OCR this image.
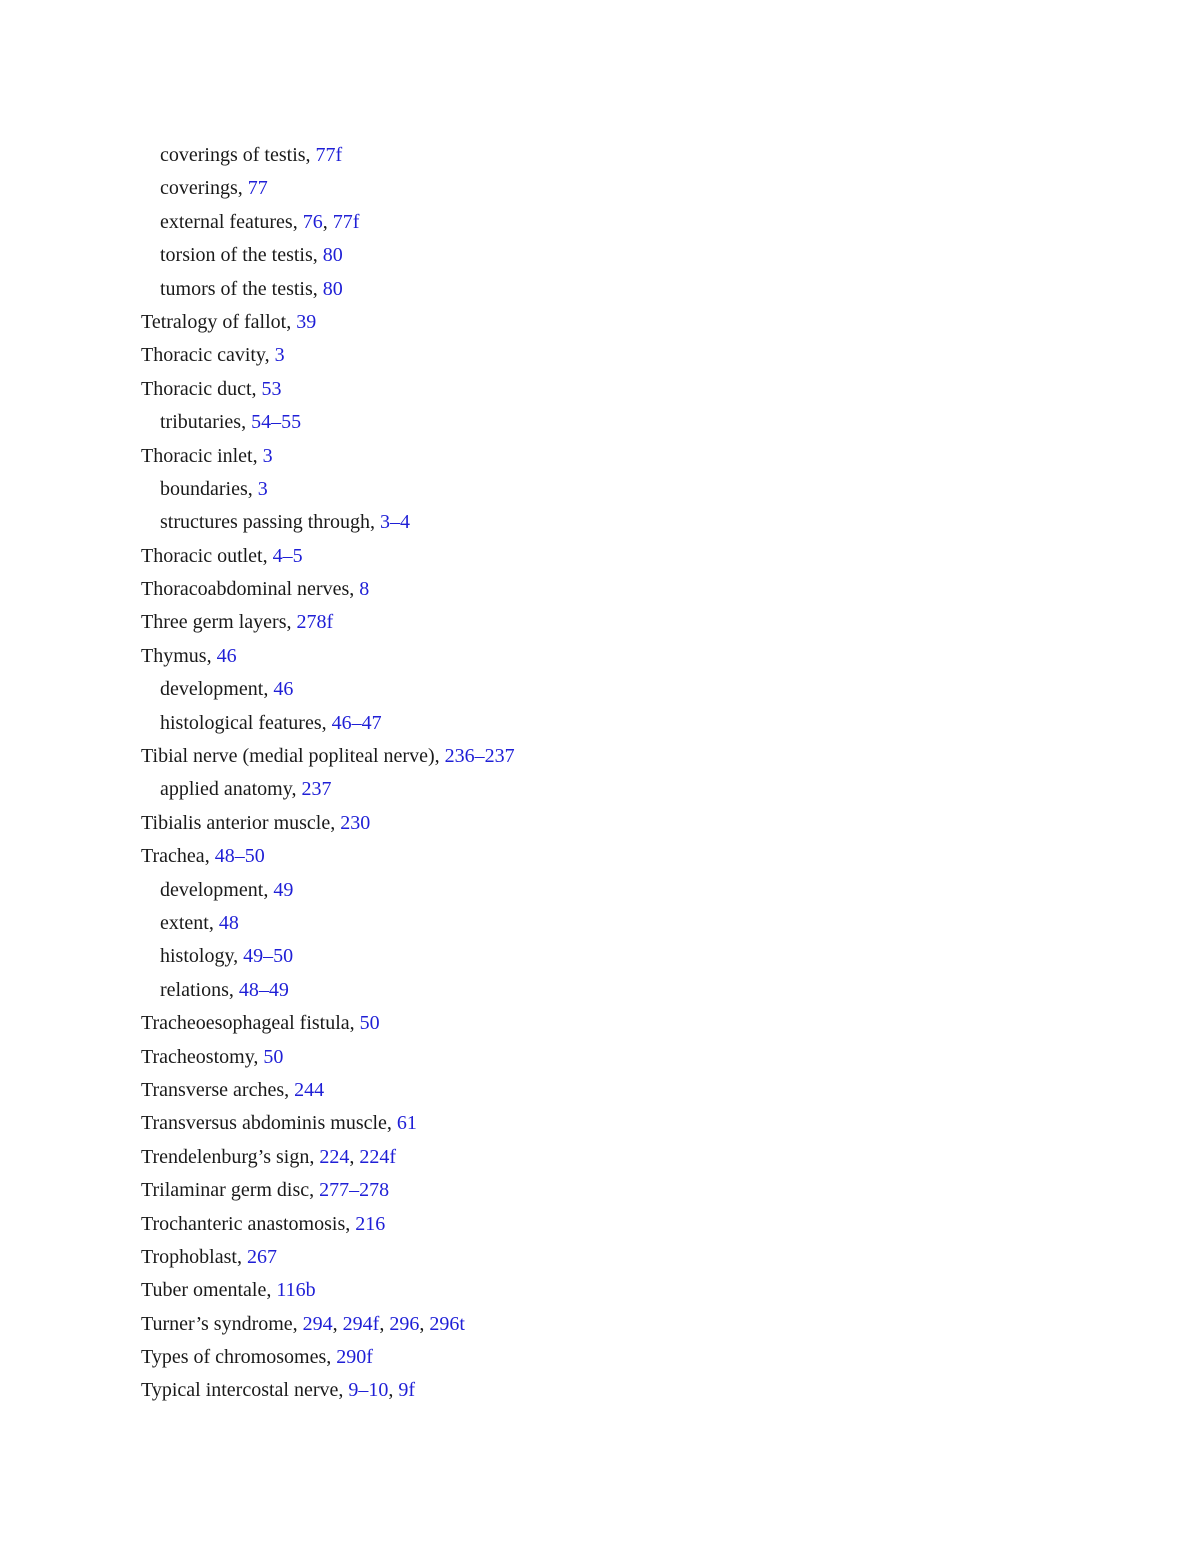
coverings of testis, 77f
coverings, 77
external features, 76, 77f
torsion of the testis, 80
tumors of the testis, 80
Tetralogy of fallot, 39
Thoracic cavity, 3
Thoracic duct, 53
tributaries, 54–55
Thoracic inlet, 3
boundaries, 3
structures passing through, 3–4
Thoracic outlet, 4–5
Thoracoabdominal nerves, 8
Three germ layers, 278f
Thymus, 46
development, 46
histological features, 46–47
Tibial nerve (medial popliteal nerve), 236–237
applied anatomy, 237
Tibialis anterior muscle, 230
Trachea, 48–50
development, 49
extent, 48
histology, 49–50
relations, 48–49
Tracheoesophageal fistula, 50
Tracheostomy, 50
Transverse arches, 244
Transversus abdominis muscle, 61
Trendelenburg’s sign, 224, 224f
Trilaminar germ disc, 277–278
Trochanteric anastomosis, 216
Trophoblast, 267
Tuber omentale, 116b
Turner’s syndrome, 294, 294f, 296, 296t
Types of chromosomes, 290f
Typical intercostal nerve, 9–10, 9f
